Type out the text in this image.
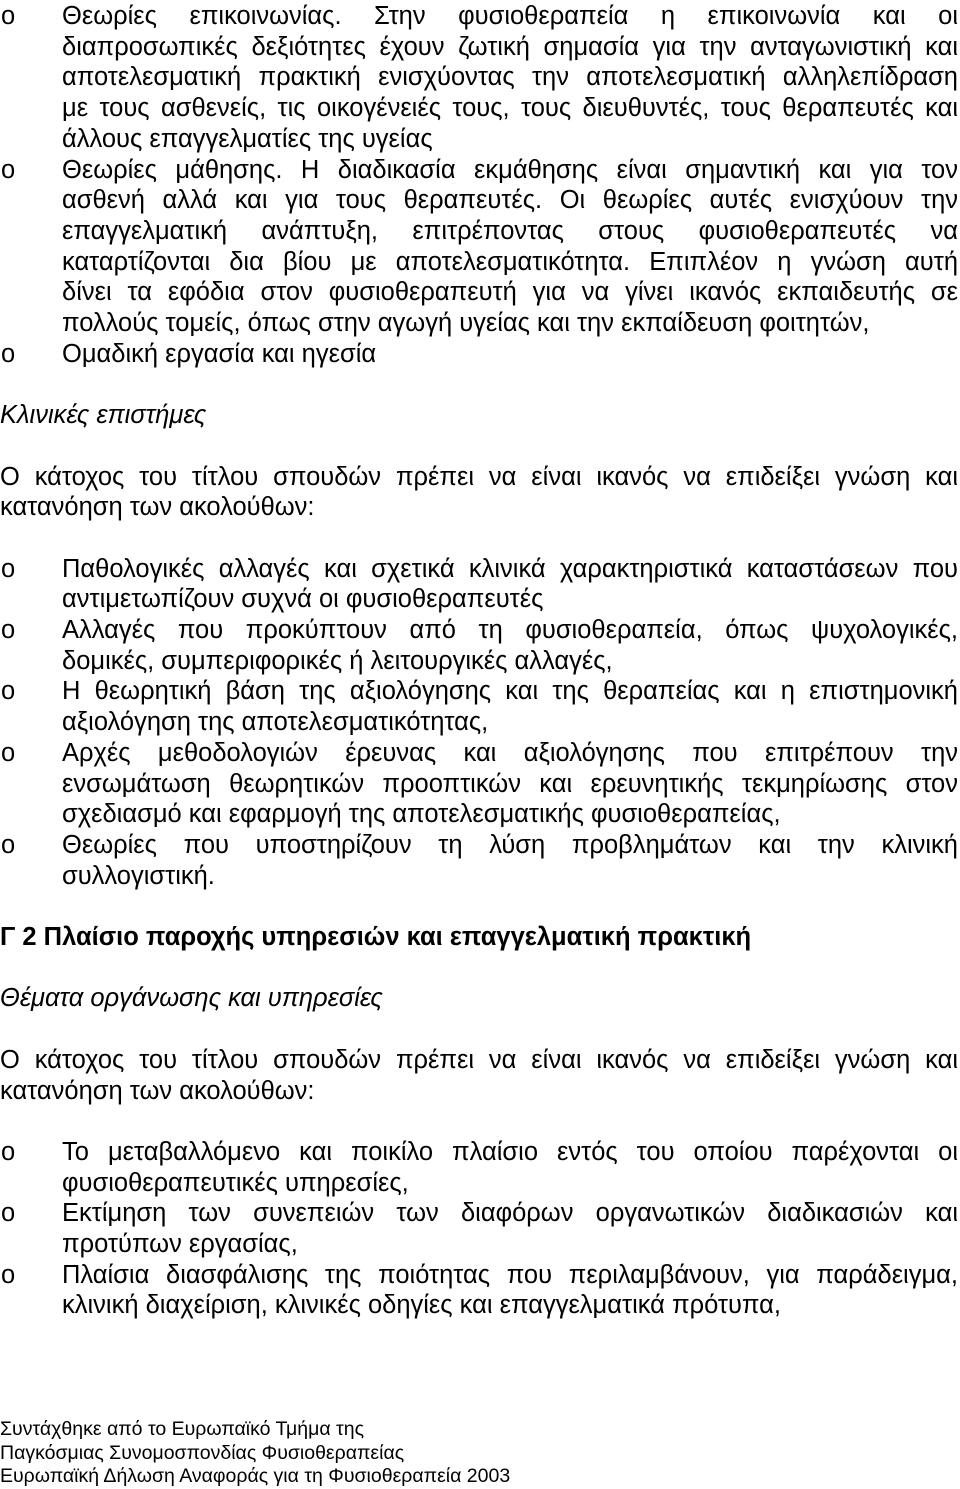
o Θεωρίες επικοινωνίας. Στην φυσιοθεραπεία η επικοινωνία και οι
διαπροσωπικές δεξιότητες έχουν ζωτική σημασία για την ανταγωνιστική και
αποτελεσματική πρακτική ενισχύοντας την αποτελεσματική αλληλεπίδραση
με τους ασθενείς, τις οικογένειές τους, τους διευθυντές, τους θεραπευτές και
άλλους επαγγελματίες της υγείας
o Θεωρίες μάθησης. Η διαδικασία εκμάθησης είναι σημαντική και για τον
ασθενή αλλά και για τους θεραπευτές. Οι θεωρίες αυτές ενισχύουν την
επαγγελματική ανάπτυξη, επιτρέποντας στους φυσιοθεραπευτές να
καταρτίζονται δια βίου με αποτελεσματικότητα. Επιπλέον η γνώση αυτή
δίνει τα εφόδια στον φυσιοθεραπευτή για να γίνει ικανός εκπαιδευτής σε
πολλούς τομείς, όπως στην αγωγή υγείας και την εκπαίδευση φοιτητών,
o Ομαδική εργασία και ηγεσία
Κλινικές επιστήμες
Ο κάτοχος του τίτλου σπουδών πρέπει να είναι ικανός να επιδείξει γνώση και
κατανόηση των ακολούθων:
o Παθολογικές αλλαγές και σχετικά κλινικά χαρακτηριστικά καταστάσεων που
αντιμετωπίζουν συχνά οι φυσιοθεραπευτές
o Αλλαγές που προκύπτουν από τη φυσιοθεραπεία, όπως ψυχολογικές,
δομικές, συμπεριφορικές ή λειτουργικές αλλαγές,
o Η θεωρητική βάση της αξιολόγησης και της θεραπείας και η επιστημονική
αξιολόγηση της αποτελεσματικότητας,
o Αρχές μεθοδολογιών έρευνας και αξιολόγησης που επιτρέπουν την
ενσωμάτωση θεωρητικών προοπτικών και ερευνητικής τεκμηρίωσης στον
σχεδιασμό και εφαρμογή της αποτελεσματικής φυσιοθεραπείας,
o Θεωρίες που υποστηρίζουν τη λύση προβλημάτων και την κλινική
συλλογιστική.
Γ 2 Πλαίσιο παροχής υπηρεσιών και επαγγελματική πρακτική
Θέματα οργάνωσης και υπηρεσίες
Ο κάτοχος του τίτλου σπουδών πρέπει να είναι ικανός να επιδείξει γνώση και
κατανόηση των ακολούθων:
o Το μεταβαλλόμενο και ποικίλο πλαίσιο εντός του οποίου παρέχονται οι
φυσιοθεραπευτικές υπηρεσίες,
o Εκτίμηση των συνεπειών των διαφόρων οργανωτικών διαδικασιών και
προτύπων εργασίας,
o Πλαίσια διασφάλισης της ποιότητας που περιλαμβάνουν, για παράδειγμα,
κλινική διαχείριση, κλινικές οδηγίες και επαγγελματικά πρότυπα,
Συντάχθηκε από το Ευρωπαϊκό Τμήμα της
Παγκόσμιας Συνομοσπονδίας Φυσιοθεραπείας
Ευρωπαϊκή Δήλωση Αναφοράς για τη Φυσιοθεραπεία 2003
